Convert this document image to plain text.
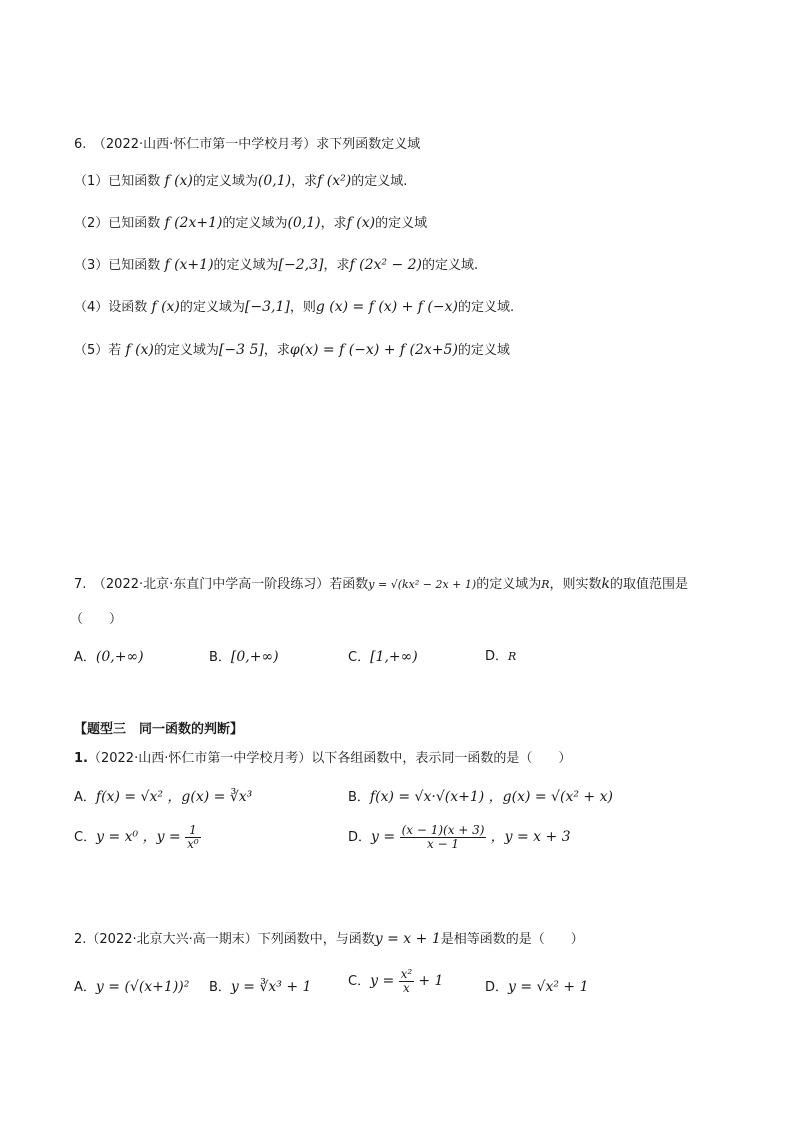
6.　（2022·山西·怀仁市第一中学校月考）求下列函数定义域
（1）已知函数 f (x)的定义域为(0,1)，求f (x²)的定义域.
（2）已知函数 f (2x+1)的定义域为(0,1)，求f (x)的定义域
（3）已知函数 f (x+1)的定义域为[−2,3]，求f (2x² − 2)的定义域.
（4）设函数 f (x)的定义域为[−3,1]，则g (x) = f (x) + f (−x)的定义域.
（5）若 f (x)的定义域为[−3 5]，求φ(x) = f (−x) + f (2x+5)的定义域
7.　（2022·北京·东直门中学高一阶段练习）若函数y = √(kx² − 2x + 1)的定义域为R，则实数k的取值范围是
（　　）
A．(0,+∞)	B．[0,+∞)	C．[1,+∞)	D．R
【题型三　同一函数的判断】
1.（2022·山西·怀仁市第一中学校月考）以下各组函数中，表示同一函数的是（　　）
A．f(x) = √x² ，g(x) = ∛x³	B．f(x) = √x·√(x+1) ，g(x) = √(x² + x)
C．y = x⁰ ，$y = \frac{1}{\text{x⁰}}$	D．$y = \frac{(x - 1)(x + 3)}{x - 1}$ ，y = x + 3
2.（2022·北京大兴·高一期末）下列函数中，与函数y = x + 1是相等函数的是（　　）
A．y = (√(x+1))² B．y = ∛x³ + 1	C．$y = \frac{\text{x²}}{x} + 1$	D．y = √x² + 1
